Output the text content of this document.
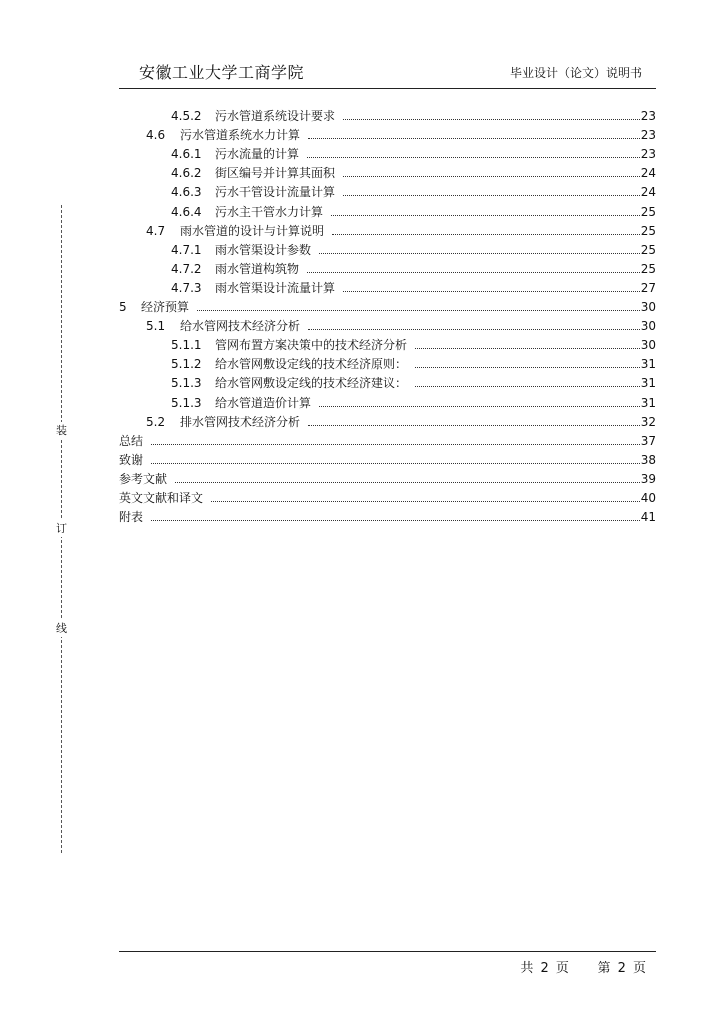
安徽工业大学工商学院	毕业设计（论文）说明书
装
订
线
4.5.2	污水管道系统设计要求	23
4.6	污水管道系统水力计算	23
4.6.1	污水流量的计算	23
4.6.2	街区编号并计算其面积	24
4.6.3	污水干管设计流量计算	24
4.6.4	污水主干管水力计算	25
4.7	雨水管道的设计与计算说明	25
4.7.1	雨水管渠设计参数	25
4.7.2	雨水管道构筑物	25
4.7.3	雨水管渠设计流量计算	27
5	经济预算	30
5.1	给水管网技术经济分析	30
5.1.1	管网布置方案决策中的技术经济分析	30
5.1.2	给水管网敷设定线的技术经济原则：	31
5.1.3	给水管网敷设定线的技术经济建议：	31
5.1.3	给水管道造价计算	31
5.2	排水管网技术经济分析	32
总结	37
致谢	38
参考文献	39
英文文献和译文	40
附表	41
共 2 页 第 2 页
